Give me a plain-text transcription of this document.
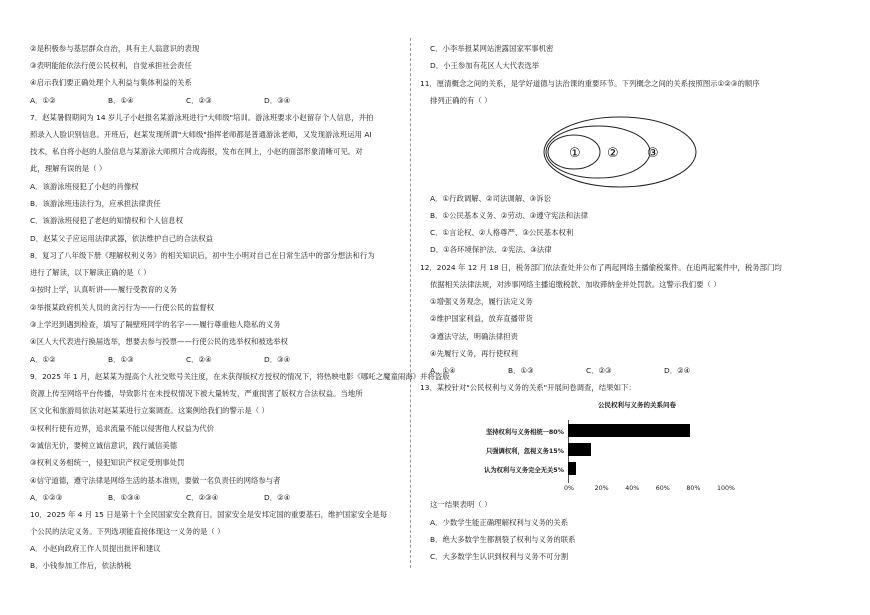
②是积极参与基层群众自治，具有主人翁意识的表现
③表明能能依法行使公民权利，自觉承担社会责任
④启示我们要正确处理个人利益与集体利益的关系
A．①②	B．①④	C．②③	D．③④
7．赵某暑假期间为 14 岁儿子小赵报名某游泳班进行"大师级"培训。游泳班要求小赵留存个人信息，并拍
照录入人脸识别信息。开班后，赵某发现所谓"大师级"指挥老师都是普通游泳老师，又发现游泳班运用 AI
技术，私自将小赵的人脸信息与某游泳大师照片合成海报，发布在网上，小赵的面部形象清晰可见。对
此，理解有误的是（ ）
A．该游泳班侵犯了小赵的肖像权
B．该游泳班违法行为，应承担法律责任
C．该游泳班侵犯了老赵的知情权和个人信息权
D．赵某父子应运用法律武器，依法维护自己的合法权益
8．复习了八年级下册《理解权利义务》的相关知识后，初中生小明对自己在日常生活中的部分想法和行为
进行了解读，以下解读正确的是（ ）
①按时上学，认真听讲——履行受教育的义务
②举报某政府机关人员的贪污行为——行使公民的监督权
③上学迟到遇到检查，填写了隔壁班同学的名字——履行尊重他人隐私的义务
④区人大代表进行换届选举，想要去参与投票——行使公民的选举权和被选举权
A．①②	B．①③	C．②④	D．③④
9．2025 年 1 月，赵某某为提高个人社交账号关注度，在未获得版权方授权的情况下，将热映电影《哪吒之魔童闹海》并将盗版
资源上传至网络平台传播，导致影片在未授权情况下被大量转发，严重损害了版权方合法权益。当地所
区文化和旅游局依法对赵某某进行立案调查。这案例给我们的警示是（ ）
①权利行使有边界，追求流量不能以侵害他人权益为代价
②诚信无价，要树立诚信意识，践行诚信美德
③权利义务相统一，侵犯知识产权定受刑事处罚
④信守道德，遵守法律是网络生活的基本准则，要做一名负责任的网络参与者
A．①②③	B．①③④	C．②③④	D．②④
10．2025 年 4 月 15 日是第十个全民国家安全教育日。国家安全是安邦定国的重要基石，维护国家安全是每
个公民的法定义务。下列选项能直接体现这一义务的是（ ）
A．小赵向政府工作人员提出批评和建议
B．小钱参加工作后，依法纳税
C．小李举报某网站泄露国家军事机密
D．小王参加有花区人大代表选举
11．厘清概念之间的关系，是学好道德与法治课的重要环节。下列概念之间的关系按照图示①②③的顺序
排列正确的有（ ）
① ② ③
A．①行政调解、②司法调解、③诉讼
B．①公民基本义务、②劳动、③遵守宪法和法律
C．①言论权、②人格尊严、③公民基本权利
D．①各环境保护法、②宪法、③法律
12．2024 年 12 月 18 日，税务部门依法查处并公布了两起网络主播偷税案件。在追两起案件中，税务部门均
依据相关法律法规，对涉事网络主播追缴税款、加收滞纳金并处罚款。这警示我们要（ ）
①增强义务观念，履行法定义务
②维护国家利益，放弃直播带货
③遵法守法，明确法律担责
④先履行义务，再行使权利
A．①④	B．①③	C．②③	D．②④
13．某校针对"公民权利与义务的关系"开展问卷调查，结果如下：
这一结果表明（ ）
A．少数学生能正确理解权利与义务的关系
B．绝大多数学生都割裂了权利与义务的联系
C．大多数学生认识到权利与义务不可分割
公民权利与义务的关系问卷
坚持权利与义务相统一80%
只强调权利，忽视义务15%
认为权利与义务完全无关5%
0%	20%	40%	60%	80%	100%
